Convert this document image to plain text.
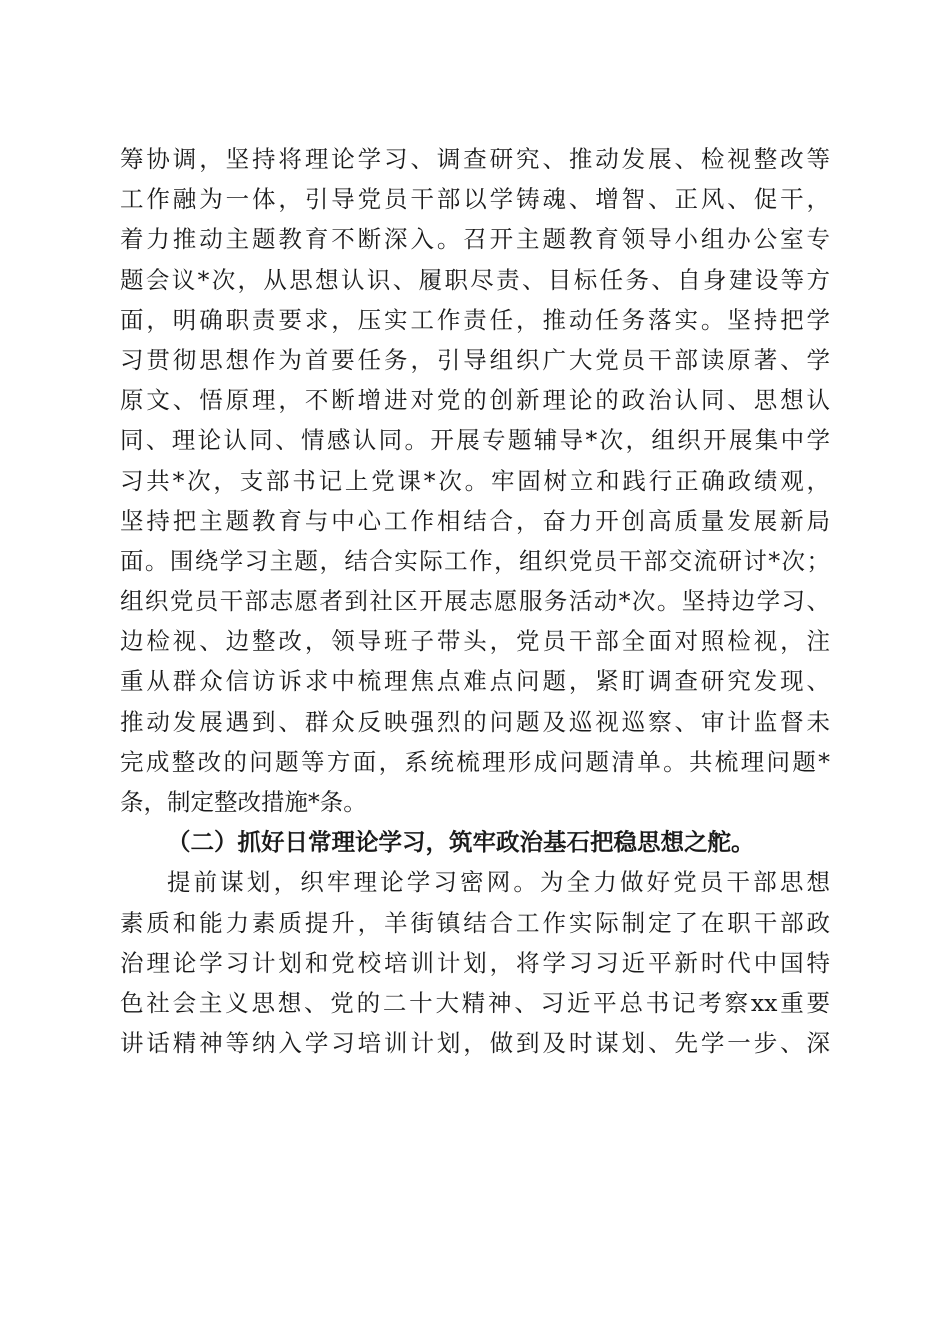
筹协调，坚持将理论学习、调查研究、推动发展、检视整改等
工作融为一体，引导党员干部以学铸魂、增智、正风、促干，
着力推动主题教育不断深入。召开主题教育领导小组办公室专
题会议*次，从思想认识、履职尽责、目标任务、自身建设等方
面，明确职责要求，压实工作责任，推动任务落实。坚持把学
习贯彻思想作为首要任务，引导组织广大党员干部读原著、学
原文、悟原理，不断增进对党的创新理论的政治认同、思想认
同、理论认同、情感认同。开展专题辅导*次，组织开展集中学
习共*次，支部书记上党课*次。牢固树立和践行正确政绩观，
坚持把主题教育与中心工作相结合，奋力开创高质量发展新局
面。围绕学习主题，结合实际工作，组织党员干部交流研讨*次；
组织党员干部志愿者到社区开展志愿服务活动*次。坚持边学习、
边检视、边整改，领导班子带头，党员干部全面对照检视，注
重从群众信访诉求中梳理焦点难点问题，紧盯调查研究发现、
推动发展遇到、群众反映强烈的问题及巡视巡察、审计监督未
完成整改的问题等方面，系统梳理形成问题清单。共梳理问题*
条，制定整改措施*条。
（二）抓好日常理论学习，筑牢政治基石把稳思想之舵。
提前谋划，织牢理论学习密网。为全力做好党员干部思想
素质和能力素质提升，羊街镇结合工作实际制定了在职干部政
治理论学习计划和党校培训计划，将学习习近平新时代中国特
色社会主义思想、党的二十大精神、习近平总书记考察xx重要
讲话精神等纳入学习培训计划，做到及时谋划、先学一步、深
